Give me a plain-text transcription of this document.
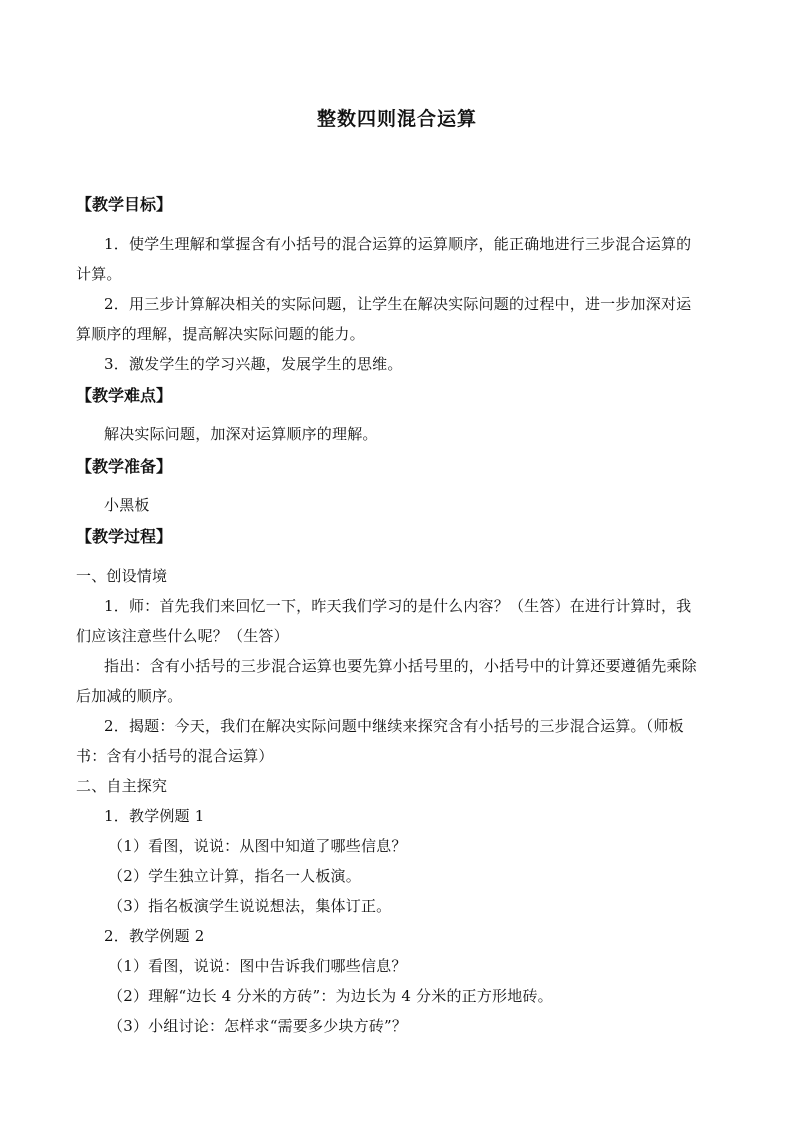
整数四则混合运算
【教学目标】
1．使学生理解和掌握含有小括号的混合运算的运算顺序，能正确地进行三步混合运算的
计算。
2．用三步计算解决相关的实际问题，让学生在解决实际问题的过程中，进一步加深对运
算顺序的理解，提高解决实际问题的能力。
3．激发学生的学习兴趣，发展学生的思维。
【教学难点】
解决实际问题，加深对运算顺序的理解。
【教学准备】
小黑板
【教学过程】
一、创设情境
1．师：首先我们来回忆一下，昨天我们学习的是什么内容？（生答）在进行计算时，我
们应该注意些什么呢？（生答）
指出：含有小括号的三步混合运算也要先算小括号里的，小括号中的计算还要遵循先乘除
后加减的顺序。
2．揭题：今天，我们在解决实际问题中继续来探究含有小括号的三步混合运算。（师板
书：含有小括号的混合运算）
二、自主探究
1．教学例题 1
（1）看图，说说：从图中知道了哪些信息？
（2）学生独立计算，指名一人板演。
（3）指名板演学生说说想法，集体订正。
2．教学例题 2
（1）看图，说说：图中告诉我们哪些信息？
（2）理解“边长 4 分米的方砖”：为边长为 4 分米的正方形地砖。
（3）小组讨论：怎样求“需要多少块方砖”？
